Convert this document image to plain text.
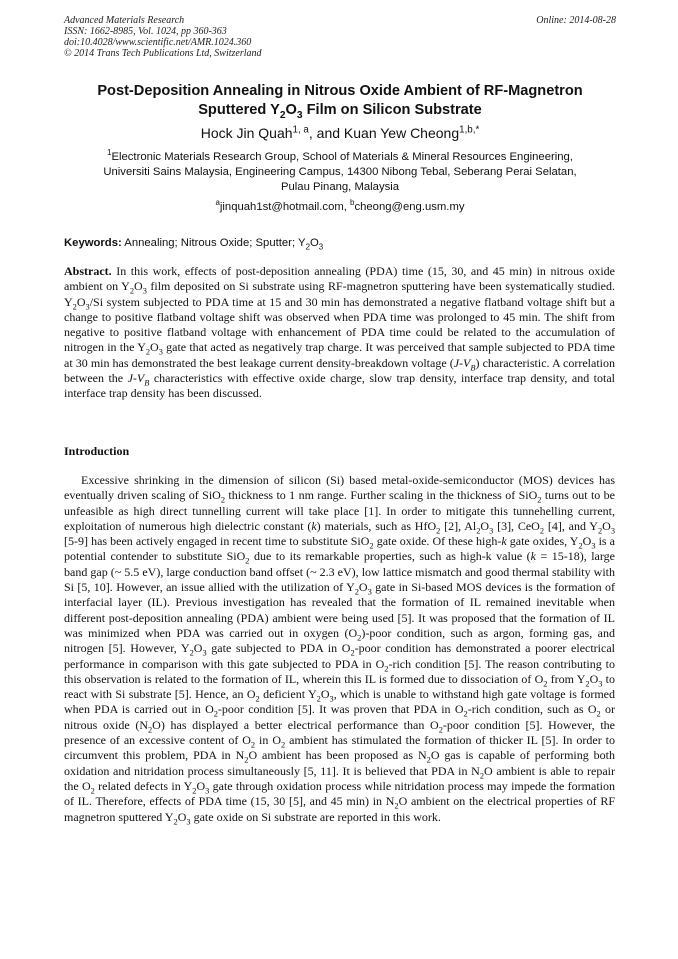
Advanced Materials Research
ISSN: 1662-8985, Vol. 1024, pp 360-363
doi:10.4028/www.scientific.net/AMR.1024.360
© 2014 Trans Tech Publications Ltd, Switzerland
Online: 2014-08-28
Post-Deposition Annealing in Nitrous Oxide Ambient of RF-Magnetron
Sputtered $Y_2O_3$ Film on Silicon Substrate
Hock Jin Quah$^{1, a}$, and Kuan Yew Cheong$^{1,b,*}$
$^1$Electronic Materials Research Group, School of Materials & Mineral Resources Engineering,
Universiti Sains Malaysia, Engineering Campus, 14300 Nibong Tebal, Seberang Perai Selatan,
Pulau Pinang, Malaysia
$^a$jinquah1st@hotmail.com, $^b$cheong@eng.usm.my
Keywords: Annealing; Nitrous Oxide; Sputter; $Y_2O_3$
Abstract. In this work, effects of post-deposition annealing (PDA) time (15, 30, and 45 min) in nitrous oxide ambient on $Y_2O_3$ film deposited on Si substrate using RF-magnetron sputtering have been systematically studied. $Y_2O_3/Si$ system subjected to PDA time at 15 and 30 min has demonstrated a negative flatband voltage shift but a change to positive flatband voltage shift was observed when PDA time was prolonged to 45 min. The shift from negative to positive flatband voltage with enhancement of PDA time could be related to the accumulation of nitrogen in the $Y_2O_3$ gate that acted as negatively trap charge. It was perceived that sample subjected to PDA time at 30 min has demonstrated the best leakage current density-breakdown voltage $(J-V_B)$ characteristic. A correlation between the $J-V_B$ characteristics with effective oxide charge, slow trap density, interface trap density, and total interface trap density has been discussed.
Introduction
Excessive shrinking in the dimension of silicon (Si) based metal-oxide-semiconductor (MOS) devices has eventually driven scaling of SiO$_2$ thickness to 1 nm range. Further scaling in the thickness of SiO$_2$ turns out to be unfeasible as high direct tunnelling current will take place [1]. In order to mitigate this tunnehelling current, exploitation of numerous high dielectric constant (k) materials, such as HfO$_2$ [2], $Al_2O_3$ [3], CeO$_2$ [4], and $Y_2O_3$ [5-9] has been actively engaged in recent time to substitute SiO$_2$ gate oxide. Of these high-k gate oxides, $Y_2O_3$ is a potential contender to substitute SiO$_2$ due to its remarkable properties, such as high-k value (k = 15-18), large band gap (~ 5.5 eV), large conduction band offset (~ 2.3 eV), low lattice mismatch and good thermal stability with Si [5, 10]. However, an issue allied with the utilization of $Y_2O_3$ gate in Si-based MOS devices is the formation of interfacial layer (IL). Previous investigation has revealed that the formation of IL remained inevitable when different post-deposition annealing (PDA) ambient were being used [5]. It was proposed that the formation of IL was minimized when PDA was carried out in oxygen $(O_2)$-poor condition, such as argon, forming gas, and nitrogen [5]. However, $Y_2O_3$ gate subjected to PDA in $O_2$-poor condition has demonstrated a poorer electrical performance in comparison with this gate subjected to PDA in $O_2$-rich condition [5]. The reason contributing to this observation is related to the formation of IL, wherein this IL is formed due to dissociation of $O_2$ from $Y_2O_3$ to react with Si substrate [5]. Hence, an $O_2$ deficient $Y_2O_3$, which is unable to withstand high gate voltage is formed when PDA is carried out in $O_2$-poor condition [5]. It was proven that PDA in $O_2$-rich condition, such as $O_2$ or nitrous oxide $(N_2O)$ has displayed a better electrical performance than $O_2$-poor condition [5]. However, the presence of an excessive content of $O_2$ in $O_2$ ambient has stimulated the formation of thicker IL [5]. In order to circumvent this problem, PDA in $N_2O$ ambient has been proposed as $N_2O$ gas is capable of performing both oxidation and nitridation process simultaneously [5, 11]. It is believed that PDA in $N_2O$ ambient is able to repair the $O_2$ related defects in $Y_2O_3$ gate through oxidation process while nitridation process may impede the formation of IL. Therefore, effects of PDA time (15, 30 [5], and 45 min) in $N_2O$ ambient on the electrical properties of RF magnetron sputtered $Y_2O_3$ gate oxide on Si substrate are reported in this work.
